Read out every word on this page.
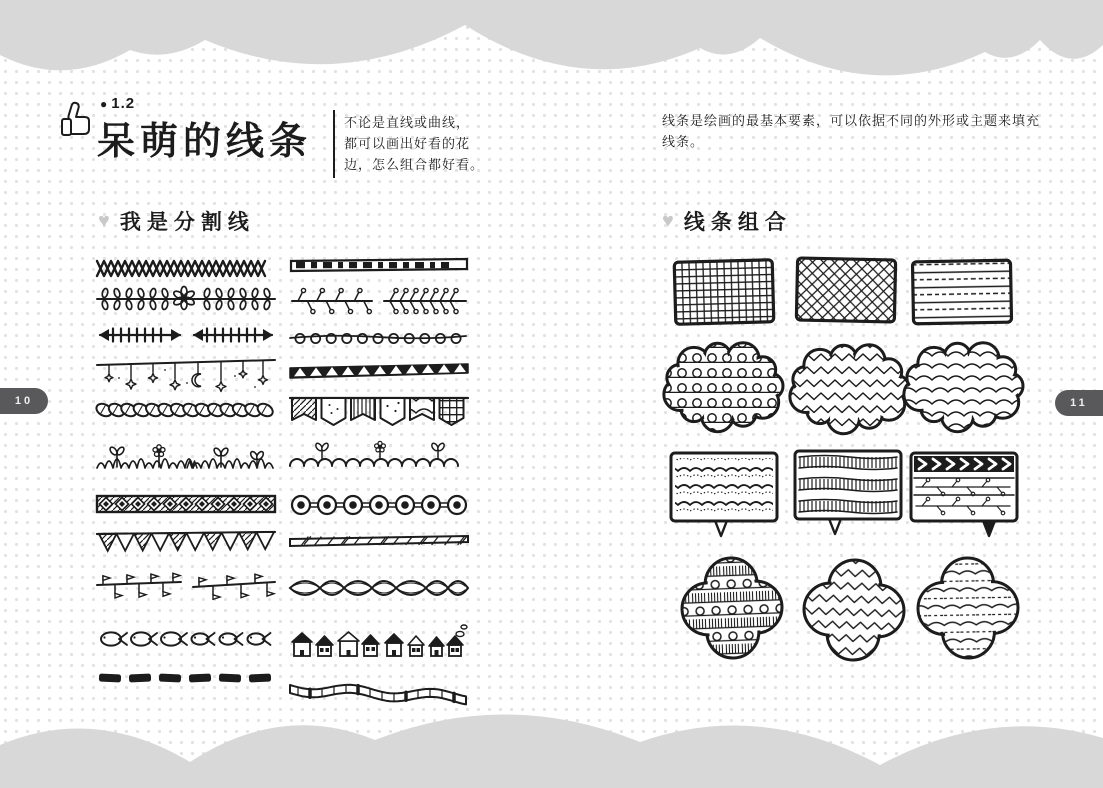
10	11
● 1.2
呆萌的线条 不论是直线或曲线，
都可以画出好看的花
边，怎么组合都好看。
线条是绘画的最基本要素，可以依据不同的外形或主题来填充
线条。
♥ 我是分割线	♥ 线条组合
